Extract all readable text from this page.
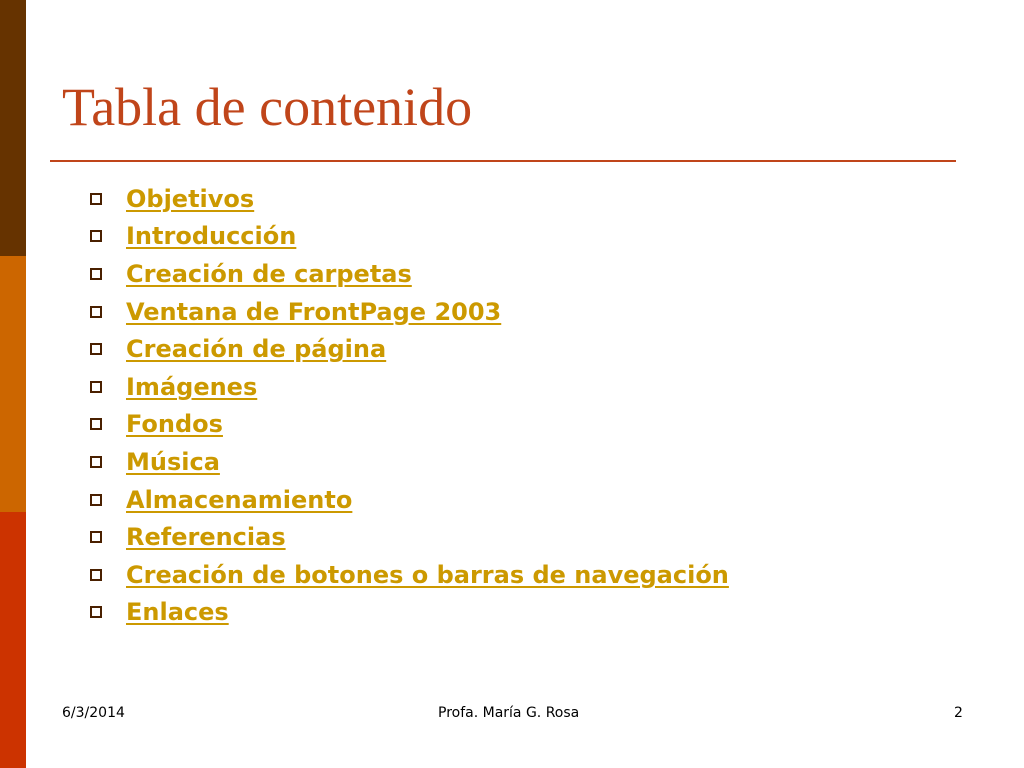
Tabla de contenido
Objetivos
Introducción
Creación de carpetas
Ventana de FrontPage 2003
Creación de página
Imágenes
Fondos
Música
Almacenamiento
Referencias
Creación de botones o barras de navegación
Enlaces
6/3/2014	Profa. María G. Rosa	2
